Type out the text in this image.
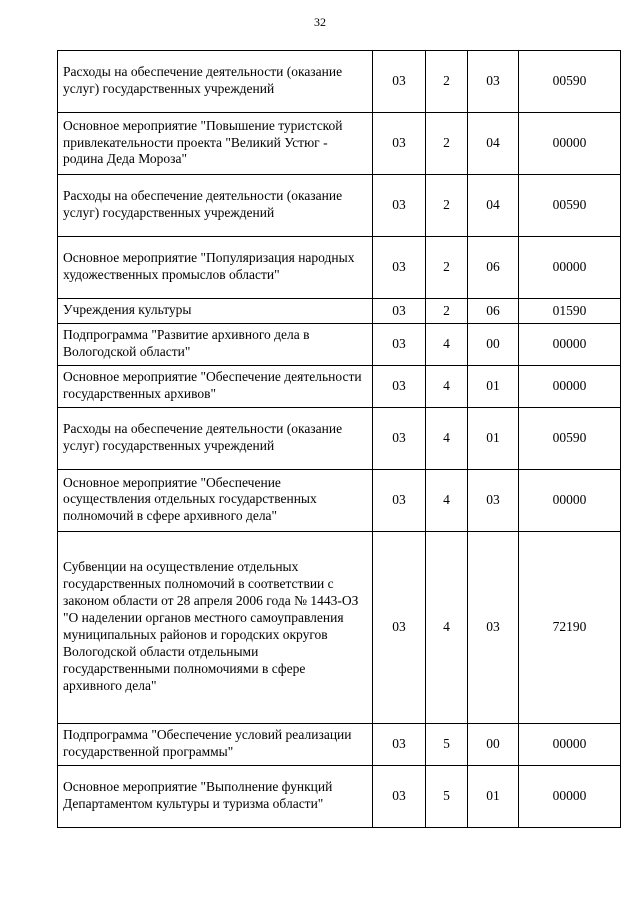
32
Расходы на обеспечение деятельности (оказание услуг) государственных учреждений	03	2	03	00590
Основное мероприятие "Повышение туристской привлекательности проекта "Великий Устюг - родина Деда Мороза"	03	2	04	00000
Расходы на обеспечение деятельности (оказание услуг) государственных учреждений	03	2	04	00590
Основное мероприятие "Популяризация народных художественных промыслов области"	03	2	06	00000
Учреждения культуры	03	2	06	01590
Подпрограмма "Развитие архивного дела в Вологодской области"	03	4	00	00000
Основное мероприятие "Обеспечение деятельности государственных архивов"	03	4	01	00000
Расходы на обеспечение деятельности (оказание услуг) государственных учреждений	03	4	01	00590
Основное мероприятие "Обеспечение осуществления отдельных государственных полномочий в сфере архивного дела"	03	4	03	00000
Субвенции на осуществление отдельных государственных полномочий в соответствии с законом области от 28 апреля 2006 года № 1443-ОЗ "О наделении органов местного самоуправления муниципальных районов и городских округов Вологодской области отдельными государственными полномочиями в сфере архивного дела"	03	4	03	72190
Подпрограмма "Обеспечение условий реализации государственной программы"	03	5	00	00000
Основное мероприятие "Выполнение функций Департаментом культуры и туризма области"	03	5	01	00000
